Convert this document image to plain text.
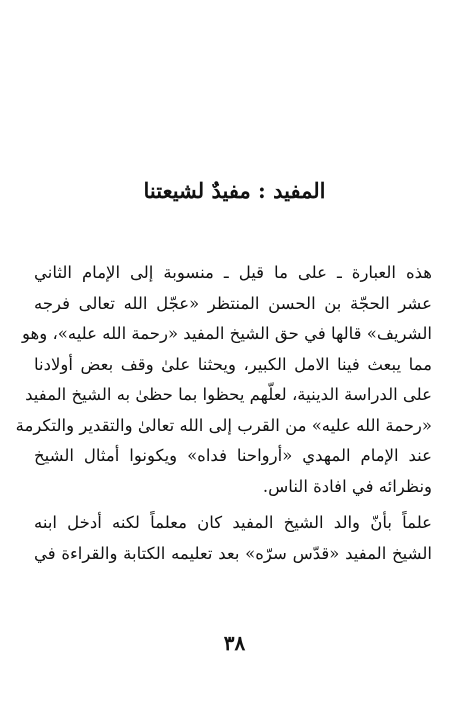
المفيد : مفيدٌ لشيعتنا

هذه العبارة ـ على ما قيل ـ منسوبة إلى الإمام الثاني
عشر الحجّة بن الحسن المنتظر «عجّل الله تعالى فرجه
الشريف» قالها في حق الشيخ المفيد «رحمة الله عليه»، وهو
مما يبعث فينا الامل الكبير، ويحثنا علىٰ وقف بعض أولادنا
على الدراسة الدينية، لعلّهم يحظوا بما حظىٰ به الشيخ المفيد
«رحمة الله عليه» من القرب إلى الله تعالىٰ والتقدير والتكرمة
عند الإمام المهدي «أرواحنا فداه» ويكونوا أمثال الشيخ
ونظرائه في افادة الناس.

علماً بأنّ والد الشيخ المفيد كان معلماً لكنه أدخل ابنه
الشيخ المفيد «قدّس سرّه» بعد تعليمه الكتابة والقراءة في

٣٨
